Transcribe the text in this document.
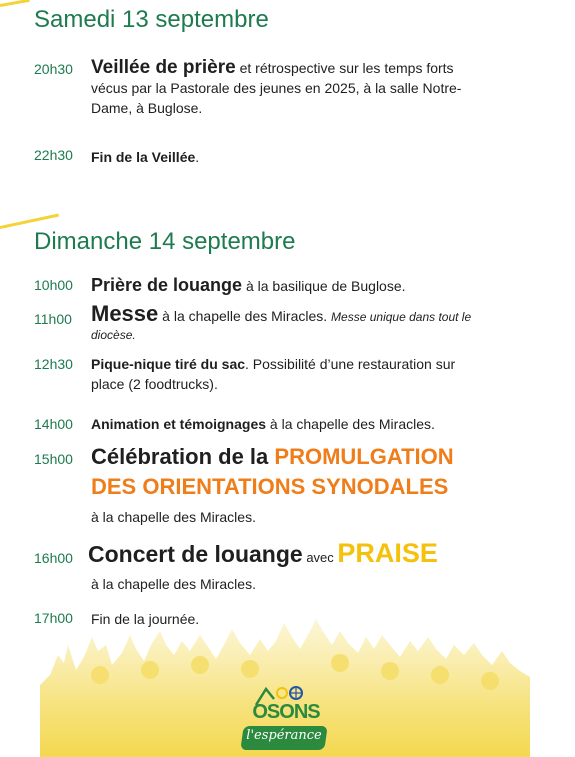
Samedi 13 septembre
20h30 Veillée de prière et rétrospective sur les temps forts
vécus par la Pastorale des jeunes en 2025, à la salle Notre-
Dame, à Buglose.
22h30	Fin de la Veillée.
Dimanche 14 septembre
10h00	Prière de louange à la basilique de Buglose.
11h00 Messe à la chapelle des Miracles. Messe unique dans tout le
diocèse.
12h30	Pique-nique tiré du sac. Possibilité d’une restauration sur
place (2 foodtrucks).
14h00	Animation et témoignages à la chapelle des Miracles.
15h00 Célébration de la PROMULGATION
DES ORIENTATIONS SYNODALES
à la chapelle des Miracles.
16h00 Concert de louange avec PRAISE
à la chapelle des Miracles.
17h00	Fin de la journée.
OSONS
l'espérance
